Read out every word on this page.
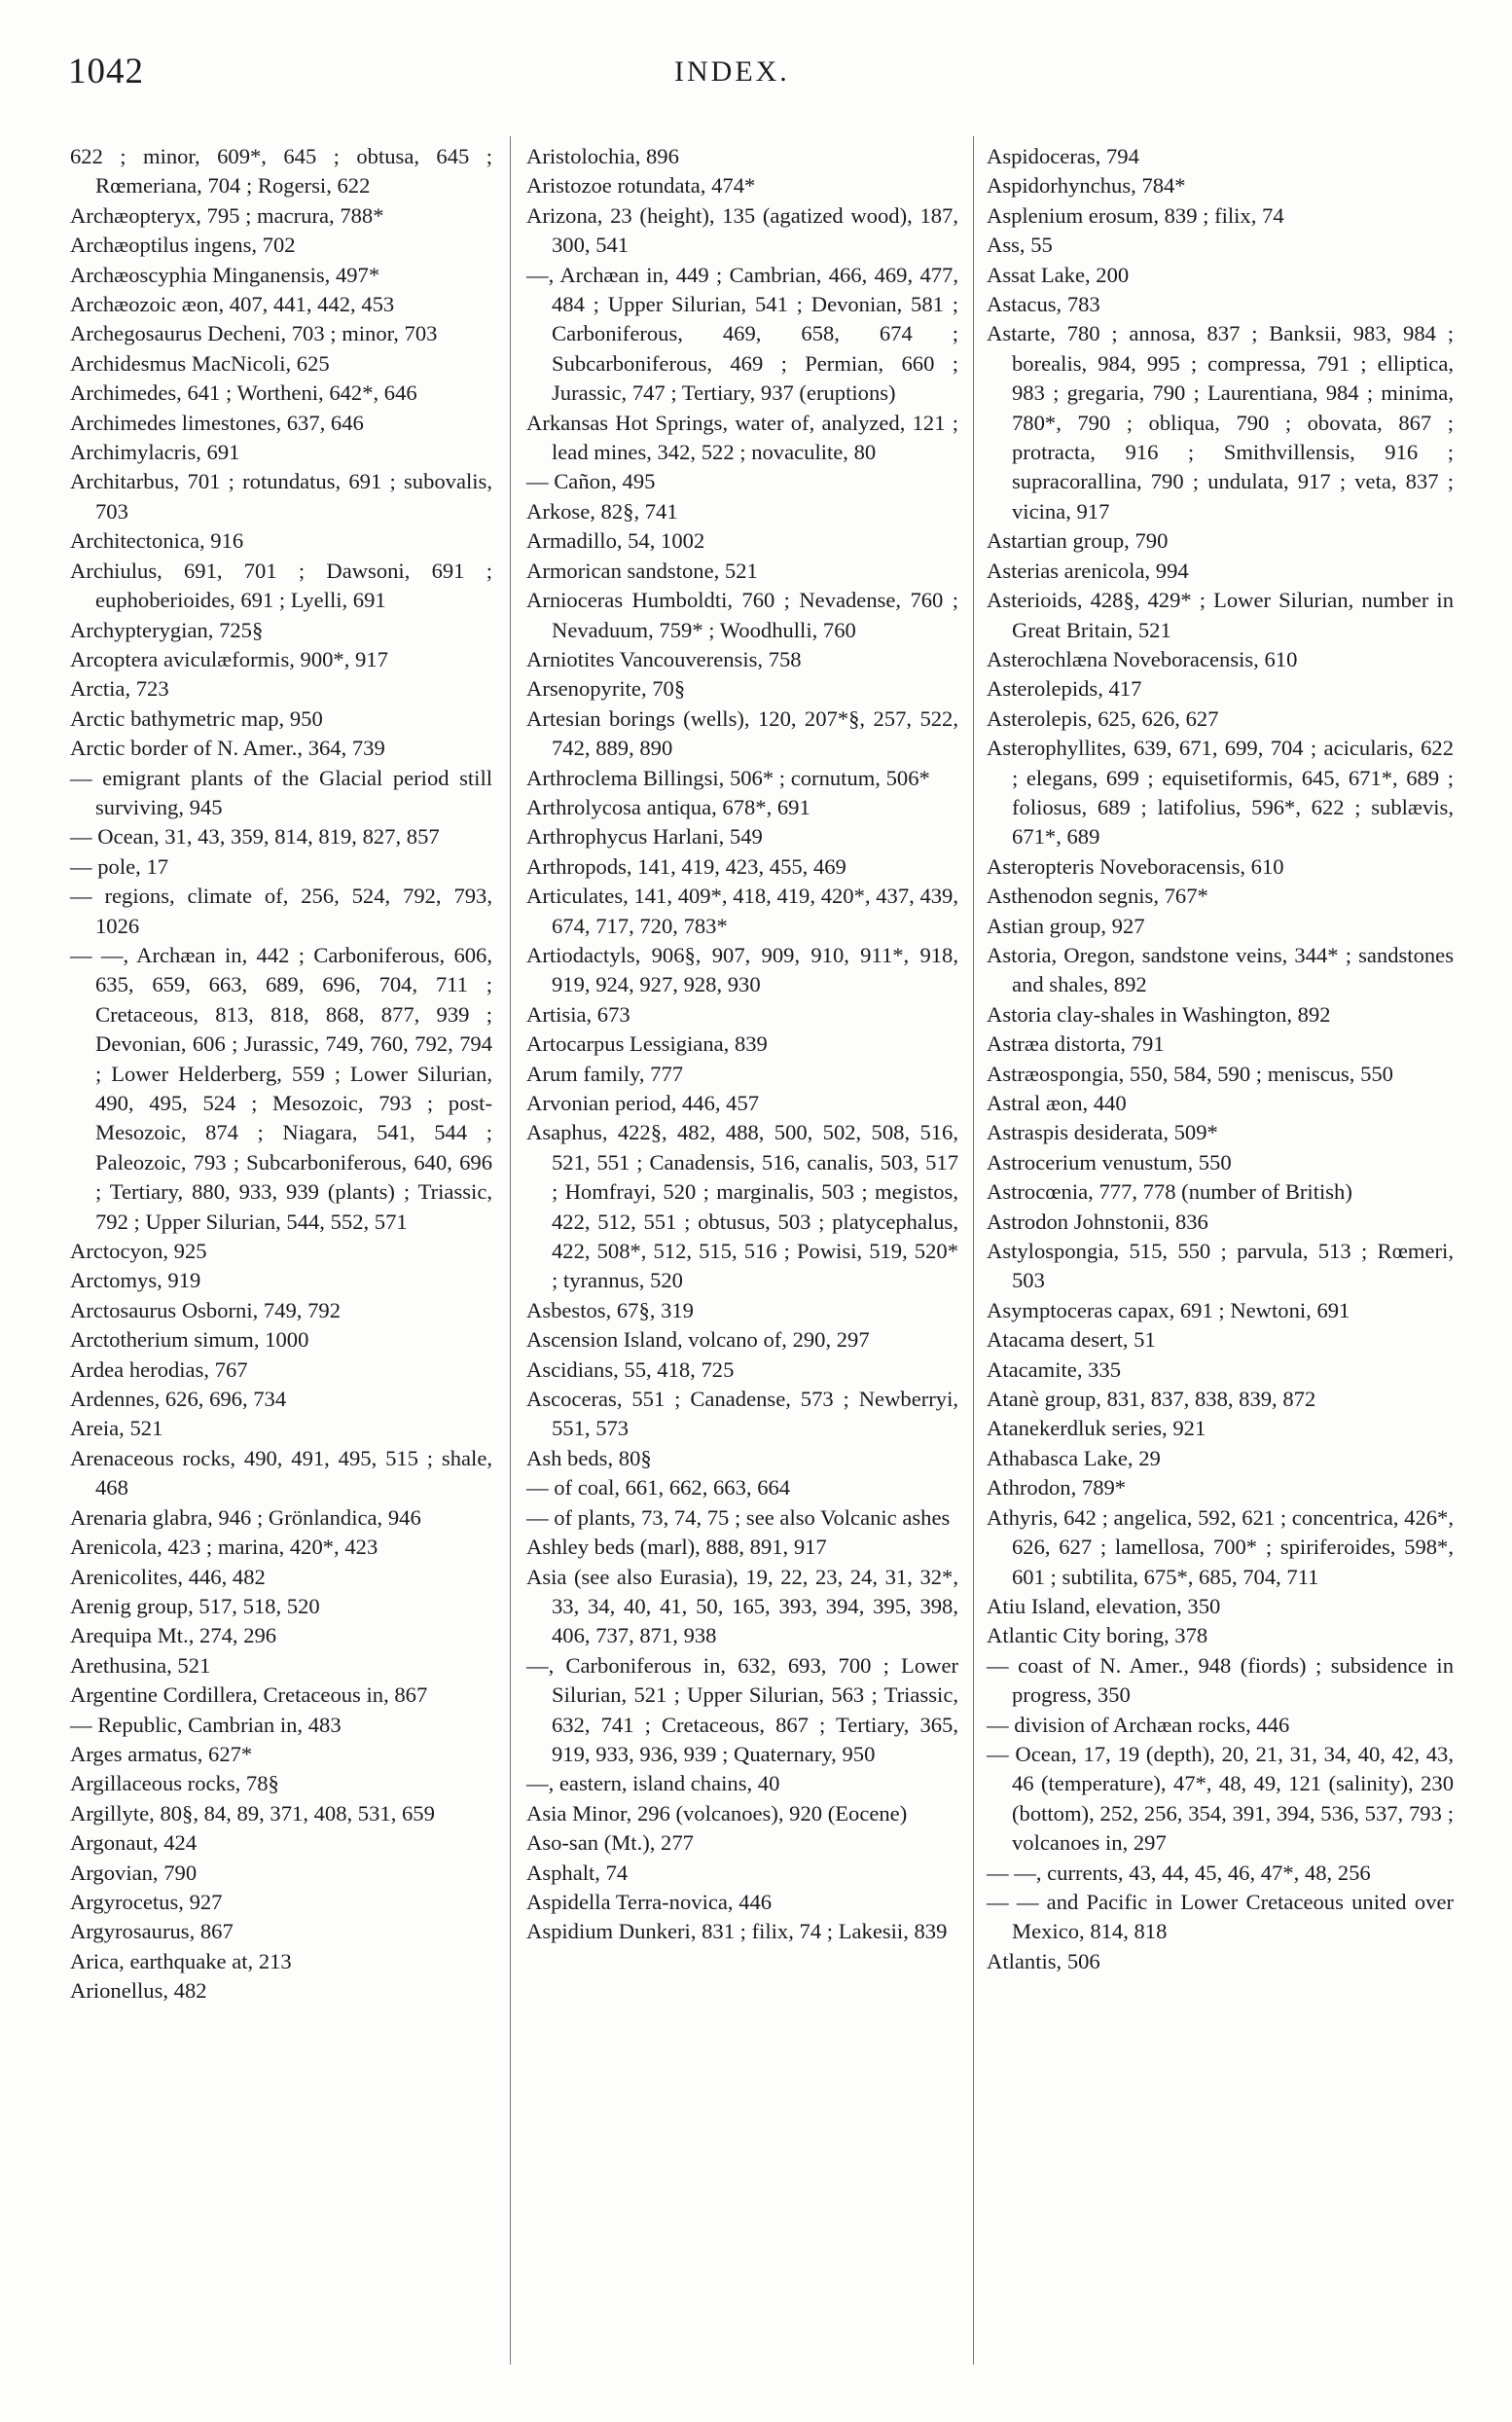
1042	INDEX.

622 ; minor, 609*, 645 ; obtusa, 645 ; Rœmeriana, 704 ; Rogersi, 622

Archæopteryx, 795 ; macrura, 788*

Archæoptilus ingens, 702

Archæoscyphia Minganensis, 497*

Archæozoic æon, 407, 441, 442, 453

Archegosaurus Decheni, 703 ; minor, 703

Archidesmus MacNicoli, 625

Archimedes, 641 ; Wortheni, 642*, 646

Archimedes limestones, 637, 646

Archimylacris, 691

Architarbus, 701 ; rotundatus, 691 ; subovalis, 703

Architectonica, 916

Archiulus, 691, 701 ; Dawsoni, 691 ; euphoberioides, 691 ; Lyelli, 691

Archypterygian, 725§

Arcoptera aviculæformis, 900*, 917

Arctia, 723

Arctic bathymetric map, 950

Arctic border of N. Amer., 364, 739

— emigrant plants of the Glacial period still surviving, 945

— Ocean, 31, 43, 359, 814, 819, 827, 857

— pole, 17

— regions, climate of, 256, 524, 792, 793, 1026

— —, Archæan in, 442 ; Carboniferous, 606, 635, 659, 663, 689, 696, 704, 711 ; Cretaceous, 813, 818, 868, 877, 939 ; Devonian, 606 ; Jurassic, 749, 760, 792, 794 ; Lower Helderberg, 559 ; Lower Silurian, 490, 495, 524 ; Mesozoic, 793 ; post-Mesozoic, 874 ; Niagara, 541, 544 ; Paleozoic, 793 ; Subcarboniferous, 640, 696 ; Tertiary, 880, 933, 939 (plants) ; Triassic, 792 ; Upper Silurian, 544, 552, 571

Arctocyon, 925

Arctomys, 919

Arctosaurus Osborni, 749, 792

Arctotherium simum, 1000

Ardea herodias, 767

Ardennes, 626, 696, 734

Areia, 521

Arenaceous rocks, 490, 491, 495, 515 ; shale, 468

Arenaria glabra, 946 ; Grönlandica, 946

Arenicola, 423 ; marina, 420*, 423

Arenicolites, 446, 482

Arenig group, 517, 518, 520

Arequipa Mt., 274, 296

Arethusina, 521

Argentine Cordillera, Cretaceous in, 867

— Republic, Cambrian in, 483

Arges armatus, 627*

Argillaceous rocks, 78§

Argillyte, 80§, 84, 89, 371, 408, 531, 659

Argonaut, 424

Argovian, 790

Argyrocetus, 927

Argyrosaurus, 867

Arica, earthquake at, 213

Arionellus, 482

Aristolochia, 896

Aristozoe rotundata, 474*

Arizona, 23 (height), 135 (agatized wood), 187, 300, 541

—, Archæan in, 449 ; Cambrian, 466, 469, 477, 484 ; Upper Silurian, 541 ; Devonian, 581 ; Carboniferous, 469, 658, 674 ; Subcarboniferous, 469 ; Permian, 660 ; Jurassic, 747 ; Tertiary, 937 (eruptions)

Arkansas Hot Springs, water of, analyzed, 121 ; lead mines, 342, 522 ; novaculite, 80

— Cañon, 495

Arkose, 82§, 741

Armadillo, 54, 1002

Armorican sandstone, 521

Arnioceras Humboldti, 760 ; Nevadense, 760 ; Nevaduum, 759* ; Woodhulli, 760

Arniotites Vancouverensis, 758

Arsenopyrite, 70§

Artesian borings (wells), 120, 207*§, 257, 522, 742, 889, 890

Arthroclema Billingsi, 506* ; cornutum, 506*

Arthrolycosa antiqua, 678*, 691

Arthrophycus Harlani, 549

Arthropods, 141, 419, 423, 455, 469

Articulates, 141, 409*, 418, 419, 420*, 437, 439, 674, 717, 720, 783*

Artiodactyls, 906§, 907, 909, 910, 911*, 918, 919, 924, 927, 928, 930

Artisia, 673

Artocarpus Lessigiana, 839

Arum family, 777

Arvonian period, 446, 457

Asaphus, 422§, 482, 488, 500, 502, 508, 516, 521, 551 ; Canadensis, 516, canalis, 503, 517 ; Homfrayi, 520 ; marginalis, 503 ; megistos, 422, 512, 551 ; obtusus, 503 ; platycephalus, 422, 508*, 512, 515, 516 ; Powisi, 519, 520* ; tyrannus, 520

Asbestos, 67§, 319

Ascension Island, volcano of, 290, 297

Ascidians, 55, 418, 725

Ascoceras, 551 ; Canadense, 573 ; Newberryi, 551, 573

Ash beds, 80§

— of coal, 661, 662, 663, 664

— of plants, 73, 74, 75 ; see also Volcanic ashes

Ashley beds (marl), 888, 891, 917

Asia (see also Eurasia), 19, 22, 23, 24, 31, 32*, 33, 34, 40, 41, 50, 165, 393, 394, 395, 398, 406, 737, 871, 938

—, Carboniferous in, 632, 693, 700 ; Lower Silurian, 521 ; Upper Silurian, 563 ; Triassic, 632, 741 ; Cretaceous, 867 ; Tertiary, 365, 919, 933, 936, 939 ; Quaternary, 950

—, eastern, island chains, 40

Asia Minor, 296 (volcanoes), 920 (Eocene)

Aso-san (Mt.), 277

Asphalt, 74

Aspidella Terra-novica, 446

Aspidium Dunkeri, 831 ; filix, 74 ; Lakesii, 839

Aspidoceras, 794

Aspidorhynchus, 784*

Asplenium erosum, 839 ; filix, 74

Ass, 55

Assat Lake, 200

Astacus, 783

Astarte, 780 ; annosa, 837 ; Banksii, 983, 984 ; borealis, 984, 995 ; compressa, 791 ; elliptica, 983 ; gregaria, 790 ; Laurentiana, 984 ; minima, 780*, 790 ; obliqua, 790 ; obovata, 867 ; protracta, 916 ; Smithvillensis, 916 ; supracorallina, 790 ; undulata, 917 ; veta, 837 ; vicina, 917

Astartian group, 790

Asterias arenicola, 994

Asterioids, 428§, 429* ; Lower Silurian, number in Great Britain, 521

Asterochlæna Noveboracensis, 610

Asterolepids, 417

Asterolepis, 625, 626, 627

Asterophyllites, 639, 671, 699, 704 ; acicularis, 622 ; elegans, 699 ; equisetiformis, 645, 671*, 689 ; foliosus, 689 ; latifolius, 596*, 622 ; sublævis, 671*, 689

Asteropteris Noveboracensis, 610

Asthenodon segnis, 767*

Astian group, 927

Astoria, Oregon, sandstone veins, 344* ; sandstones and shales, 892

Astoria clay-shales in Washington, 892

Astræa distorta, 791

Astræospongia, 550, 584, 590 ; meniscus, 550

Astral æon, 440

Astraspis desiderata, 509*

Astrocerium venustum, 550

Astrocœnia, 777, 778 (number of British)

Astrodon Johnstonii, 836

Astylospongia, 515, 550 ; parvula, 513 ; Rœmeri, 503

Asymptoceras capax, 691 ; Newtoni, 691

Atacama desert, 51

Atacamite, 335

Atanè group, 831, 837, 838, 839, 872

Atanekerdluk series, 921

Athabasca Lake, 29

Athrodon, 789*

Athyris, 642 ; angelica, 592, 621 ; concentrica, 426*, 626, 627 ; lamellosa, 700* ; spiriferoides, 598*, 601 ; subtilita, 675*, 685, 704, 711

Atiu Island, elevation, 350

Atlantic City boring, 378

— coast of N. Amer., 948 (fiords) ; subsidence in progress, 350

— division of Archæan rocks, 446

— Ocean, 17, 19 (depth), 20, 21, 31, 34, 40, 42, 43, 46 (temperature), 47*, 48, 49, 121 (salinity), 230 (bottom), 252, 256, 354, 391, 394, 536, 537, 793 ; volcanoes in, 297

— —, currents, 43, 44, 45, 46, 47*, 48, 256

— — and Pacific in Lower Cretaceous united over Mexico, 814, 818

Atlantis, 506
